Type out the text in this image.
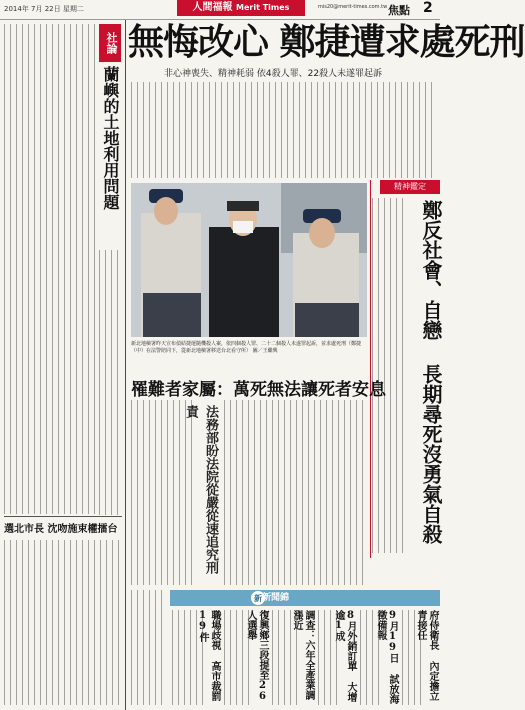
2014年 7月 22日 星期二	人間福報 Merit Times	mis20@merit-times.com.tw 焦點 2
社論
蘭嶼的土地利用問題
選北市長 沈吻施束權擂台
無悔改心 鄭捷遭求處死刑
非心神喪失、精神耗弱 依4殺人罪、22殺人未遂罪起訴
新北地檢署昨天宣布偵結捷運隨機殺人案，依四個殺人罪、二十二個殺人未遂罪起訴，並求處死刑（鄭捷（中）在法警陪同下，從新北地檢署移送台北看守所） 圖／王繼興
精神鑑定
鄭反社會、自戀 長期尋死沒勇氣自殺
罹難者家屬：萬死無法讓死者安息
法務部盼法院從嚴從速追究刑責
新 新聞錦
府侍衛長 內定擔立青接任
9月19日 試放海徵備報
8月外銷訂單 大增逾1成
調查：六年全產業調漲近
復興鄉三段提至26 人選舉
職場歧視 高市裁罰19件
